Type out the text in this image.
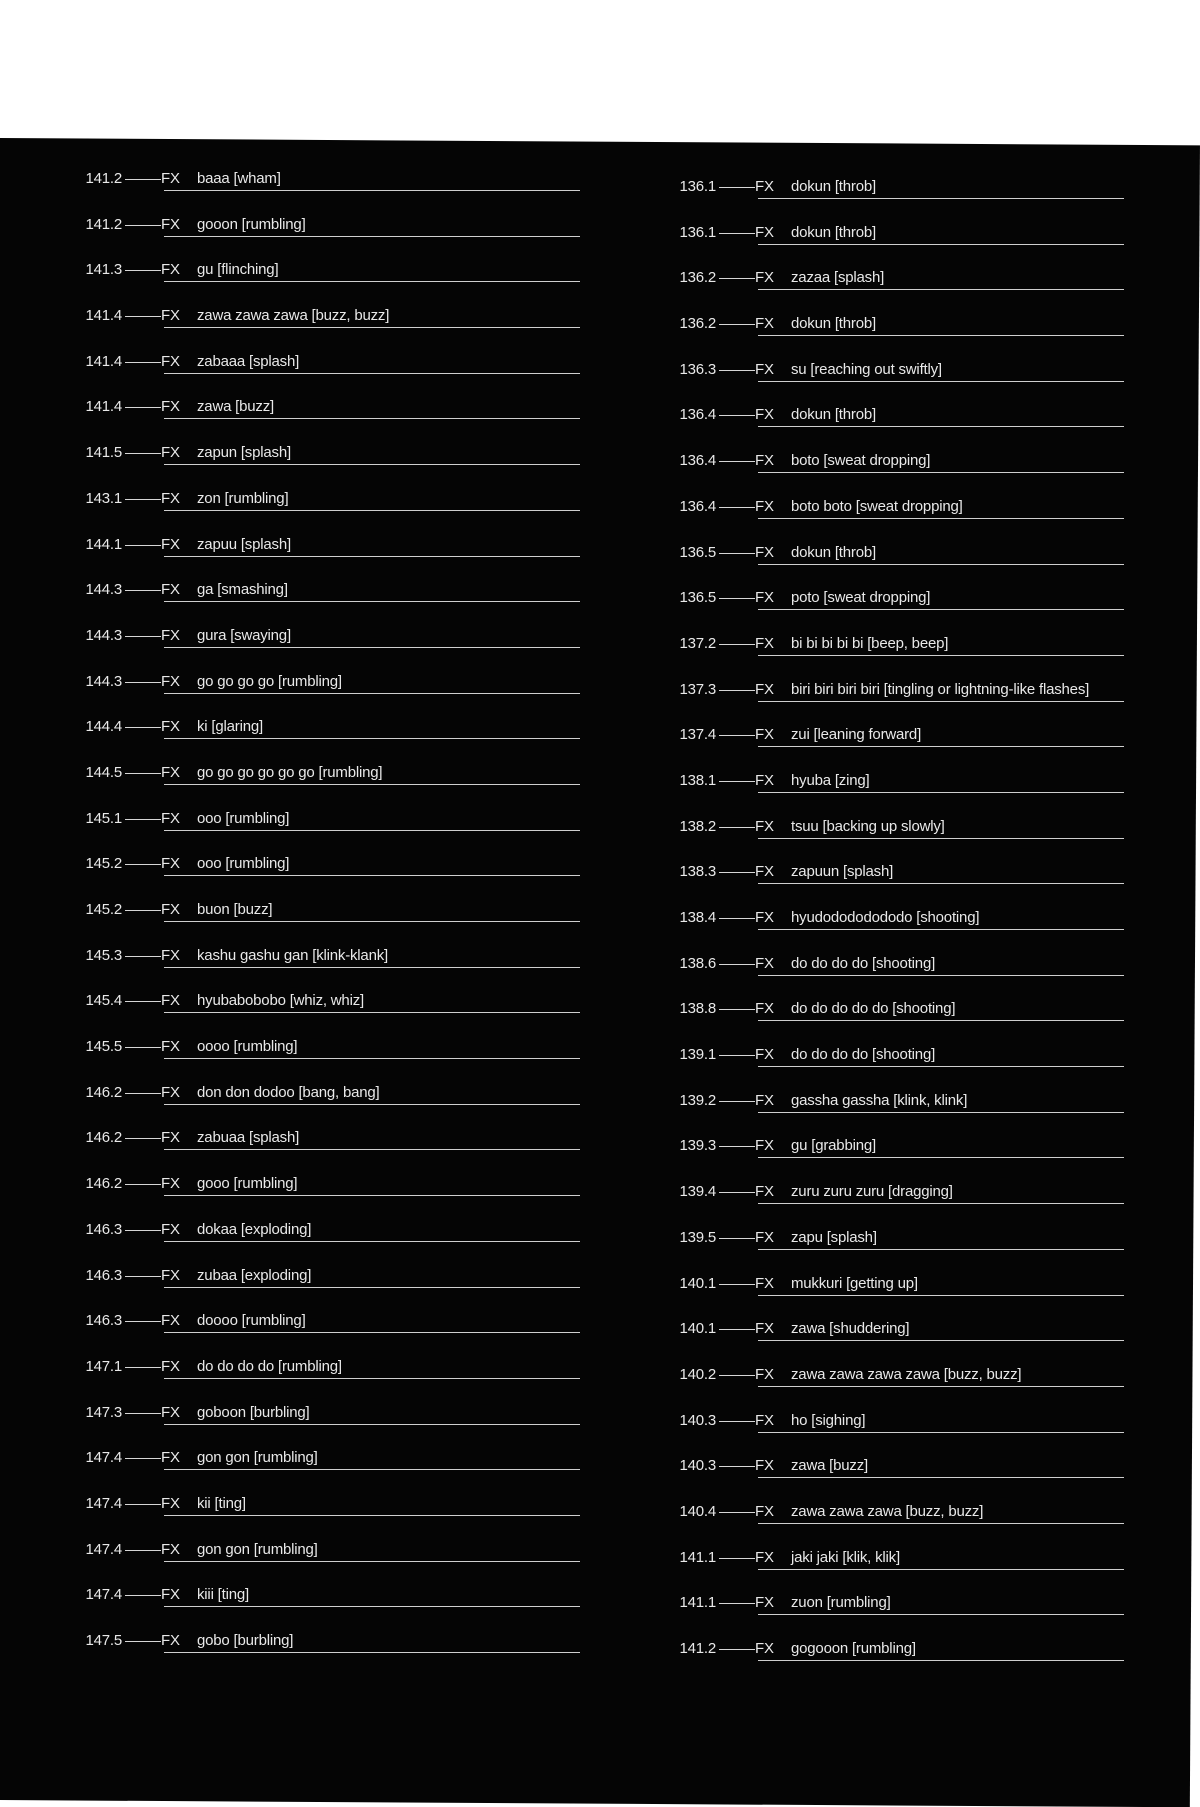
141.2	FX baaa [wham]
141.2	FX gooon [rumbling]
141.3	FX gu [flinching]
141.4	FX zawa zawa zawa [buzz, buzz]
141.4	FX zabaaa [splash]
141.4	FX zawa [buzz]
141.5	FX zapun [splash]
143.1	FX zon [rumbling]
144.1	FX zapuu [splash]
144.3	FX ga [smashing]
144.3	FX gura [swaying]
144.3	FX go go go go [rumbling]
144.4	FX ki [glaring]
144.5	FX go go go go go go [rumbling]
145.1	FX ooo [rumbling]
145.2	FX ooo [rumbling]
145.2	FX buon [buzz]
145.3	FX kashu gashu gan [klink-klank]
145.4	FX hyubabobobo [whiz, whiz]
145.5	FX oooo [rumbling]
146.2	FX don don dodoo [bang, bang]
146.2	FX zabuaa [splash]
146.2	FX gooo [rumbling]
146.3	FX dokaa [exploding]
146.3	FX zubaa [exploding]
146.3	FX doooo [rumbling]
147.1	FX do do do do [rumbling]
147.3	FX goboon [burbling]
147.4	FX gon gon [rumbling]
147.4	FX kii [ting]
147.4	FX gon gon [rumbling]
147.4	FX kiii [ting]
147.5	FX gobo [burbling]
136.1	FX dokun [throb]
136.1	FX dokun [throb]
136.2	FX zazaa [splash]
136.2	FX dokun [throb]
136.3	FX su [reaching out swiftly]
136.4	FX dokun [throb]
136.4	FX boto [sweat dropping]
136.4	FX boto boto [sweat dropping]
136.5	FX dokun [throb]
136.5	FX poto [sweat dropping]
137.2	FX bi bi bi bi bi [beep, beep]
137.3	FX biri biri biri biri [tingling or lightning-like flashes]
137.4	FX zui [leaning forward]
138.1	FX hyuba [zing]
138.2	FX tsuu [backing up slowly]
138.3	FX zapuun [splash]
138.4	FX hyudodododododo [shooting]
138.6	FX do do do do [shooting]
138.8	FX do do do do do [shooting]
139.1	FX do do do do [shooting]
139.2	FX gassha gassha [klink, klink]
139.3	FX gu [grabbing]
139.4	FX zuru zuru zuru [dragging]
139.5	FX zapu [splash]
140.1	FX mukkuri [getting up]
140.1	FX zawa [shuddering]
140.2	FX zawa zawa zawa zawa [buzz, buzz]
140.3	FX ho [sighing]
140.3	FX zawa [buzz]
140.4	FX zawa zawa zawa [buzz, buzz]
141.1	FX jaki jaki [klik, klik]
141.1	FX zuon [rumbling]
141.2	FX gogooon [rumbling]
